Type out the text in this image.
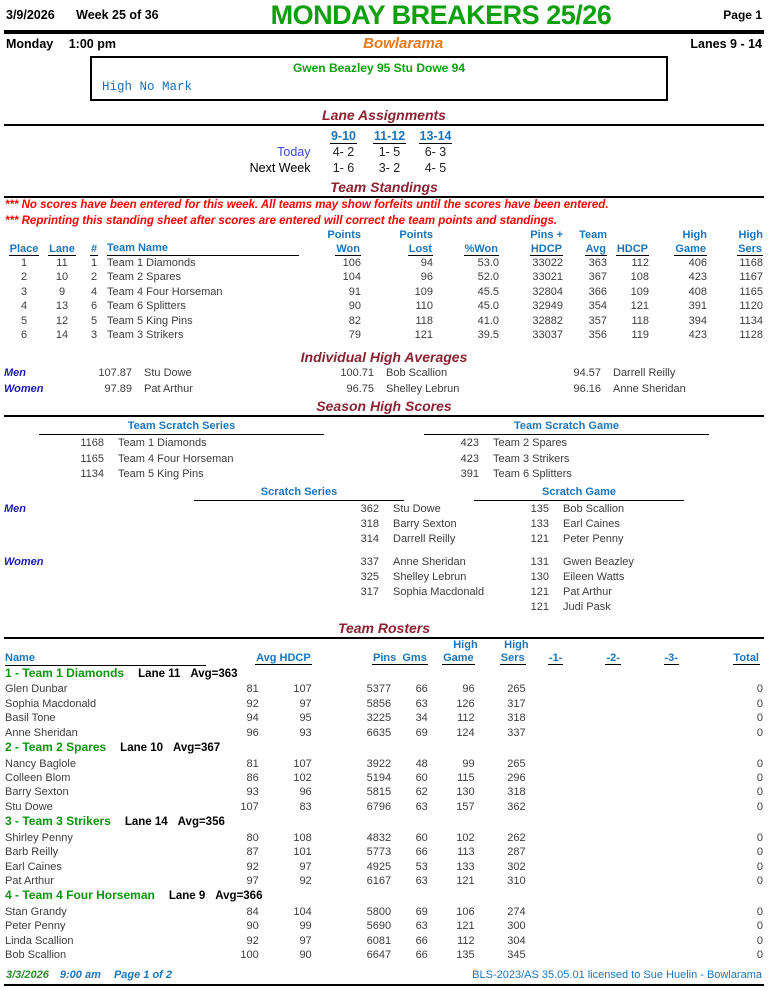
3/9/2026 Week 25 of 36	MONDAY BREAKERS 25/26	Page 1
Monday 1:00 pm	Bowlarama	Lanes 9 - 14
Gwen Beazley 95 Stu Dowe 94
High No Mark
Lane Assignments
9-10	11-12	13-14
Today	4- 2	1- 5	6- 3
Next Week	1- 6	3- 2	4- 5
Team Standings
*** No scores have been entered for this week. All teams may show forfeits until the scores have been entered.
*** Reprinting this standing sheet after scores are entered will correct the team points and standings.
				Points	Points		Pins +	Team		High	High
Place	Lane	#	Team Name	Won	Lost	%Won	HDCP	Avg	HDCP	Game	Sers
1	11	1	Team 1 Diamonds	106	94	53.0	33022	363	112	406	1168
2	10	2	Team 2 Spares	104	96	52.0	33021	367	108	423	1167
3	9	4	Team 4 Four Horseman	91	109	45.5	32804	366	109	408	1165
4	13	6	Team 6 Splitters	90	110	45.0	32949	354	121	391	1120
5	12	5	Team 5 King Pins	82	118	41.0	32882	357	118	394	1134
6	14	3	Team 3 Strikers	79	121	39.5	33037	356	119	423	1128
Individual High Averages
Men	107.87 Stu Dowe	100.71 Bob Scallion	94.57 Darrell Reilly
Women	97.89 Pat Arthur	96.75 Shelley Lebrun	96.16 Anne Sheridan
Season High Scores
Team Scratch Series	Team Scratch Game
1168 Team 1 Diamonds	423 Team 2 Spares
1165 Team 4 Four Horseman	423 Team 3 Strikers
1134 Team 5 King Pins	391 Team 6 Splitters
Scratch Series	Scratch Game
Men	362 Stu Dowe	135 Bob Scallion
318 Barry Sexton	133 Earl Caines
314 Darrell Reilly	121 Peter Penny
Women	337 Anne Sheridan	131 Gwen Beazley
325 Shelley Lebrun	130 Eileen Watts
317 Sophia Macdonald	121 Pat Arthur
121 Judi Pask
Team Rosters
					High	High				

Name	Avg HDCP		Pins  Gms		Game	Sers	-1-	-2-	-3-	Total
1 - Team 1 Diamonds Lane 11 Avg=363										
Glen Dunbar	81	107	5377	66	96	265				0
Sophia Macdonald	92	97	5856	63	126	317				0
Basil Tone	94	95	3225	34	112	318				0
Anne Sheridan	96	93	6635	69	124	337				0
2 - Team 2 Spares Lane 10 Avg=367										
Nancy Baglole	81	107	3922	48	99	265				0
Colleen Blom	86	102	5194	60	115	296				0
Barry Sexton	93	96	5815	62	130	318				0
Stu Dowe	107	83	6796	63	157	362				0
3 - Team 3 Strikers Lane 14 Avg=356										
Shirley Penny	80	108	4832	60	102	262				0
Barb Reilly	87	101	5773	66	113	287				0
Earl Caines	92	97	4925	53	133	302				0
Pat Arthur	97	92	6167	63	121	310				0
4 - Team 4 Four Horseman Lane 9 Avg=366										
Stan Grandy	84	104	5800	69	106	274				0
Peter Penny	90	99	5690	63	121	300				0
Linda Scallion	92	97	6081	66	112	304				0
Bob Scallion	100	90	6647	66	135	345				0
3/3/2026 9:00 am Page 1 of 2	BLS-2023/AS 35.05.01 licensed to Sue Huelin - Bowlarama
